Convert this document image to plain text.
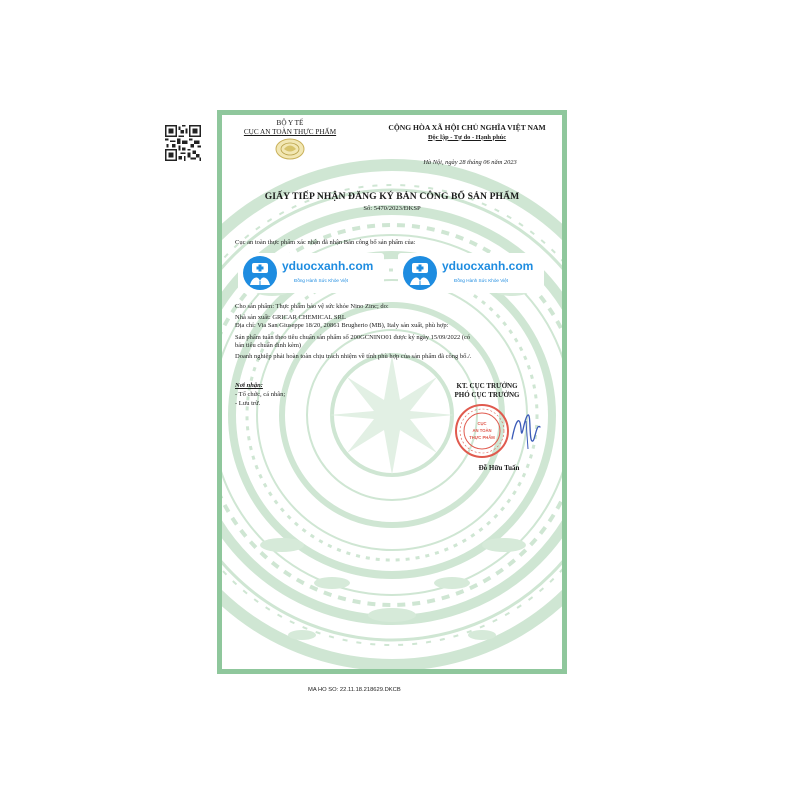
BỘ Y TẾ
CỤC AN TOÀN THỰC PHẨM	CỘNG HÒA XÃ HỘI CHỦ NGHĨA VIỆT NAM
Độc lập - Tự do - Hạnh phúc
Hà Nội, ngày 28 tháng 06 năm 2023
GIẤY TIẾP NHẬN ĐĂNG KÝ BẢN CÔNG BỐ SẢN PHẨM
Số: 5470/2023/ĐKSP
Cục an toàn thực phẩm xác nhận đã nhận Bản công bố sản phẩm của:
yduocxanh.com
Đồng Hành Sức Khỏe Việt
yduocxanh.com
Đồng Hành Sức Khỏe Việt
Cho sản phẩm: Thực phẩm bảo vệ sức khỏe Nino Zinc; do:
Nhà sản xuất: GRICAR CHEMICAL SRL
Địa chỉ: Via San Giuseppe 18/20, 20861 Brugherio (MB), Italy sản xuất, phù hợp:
Sản phẩm tuân theo tiêu chuẩn sản phẩm số 200GCNINO01 được ký ngày 15/09/2022 (có
bản tiêu chuẩn đính kèm)
Doanh nghiệp phải hoàn toàn chịu trách nhiệm về tính phù hợp của sản phẩm đã công bố./.
Nơi nhận:
- Tổ chức, cá nhân;
- Lưu trữ.
KT. CỤC TRƯỞNG
PHÓ CỤC TRƯỞNG
CỤC
AN TOÀN
THỰC PHẨM
Đỗ Hữu Tuấn
MA HO SO: 22.11.18.218629.DKCB
